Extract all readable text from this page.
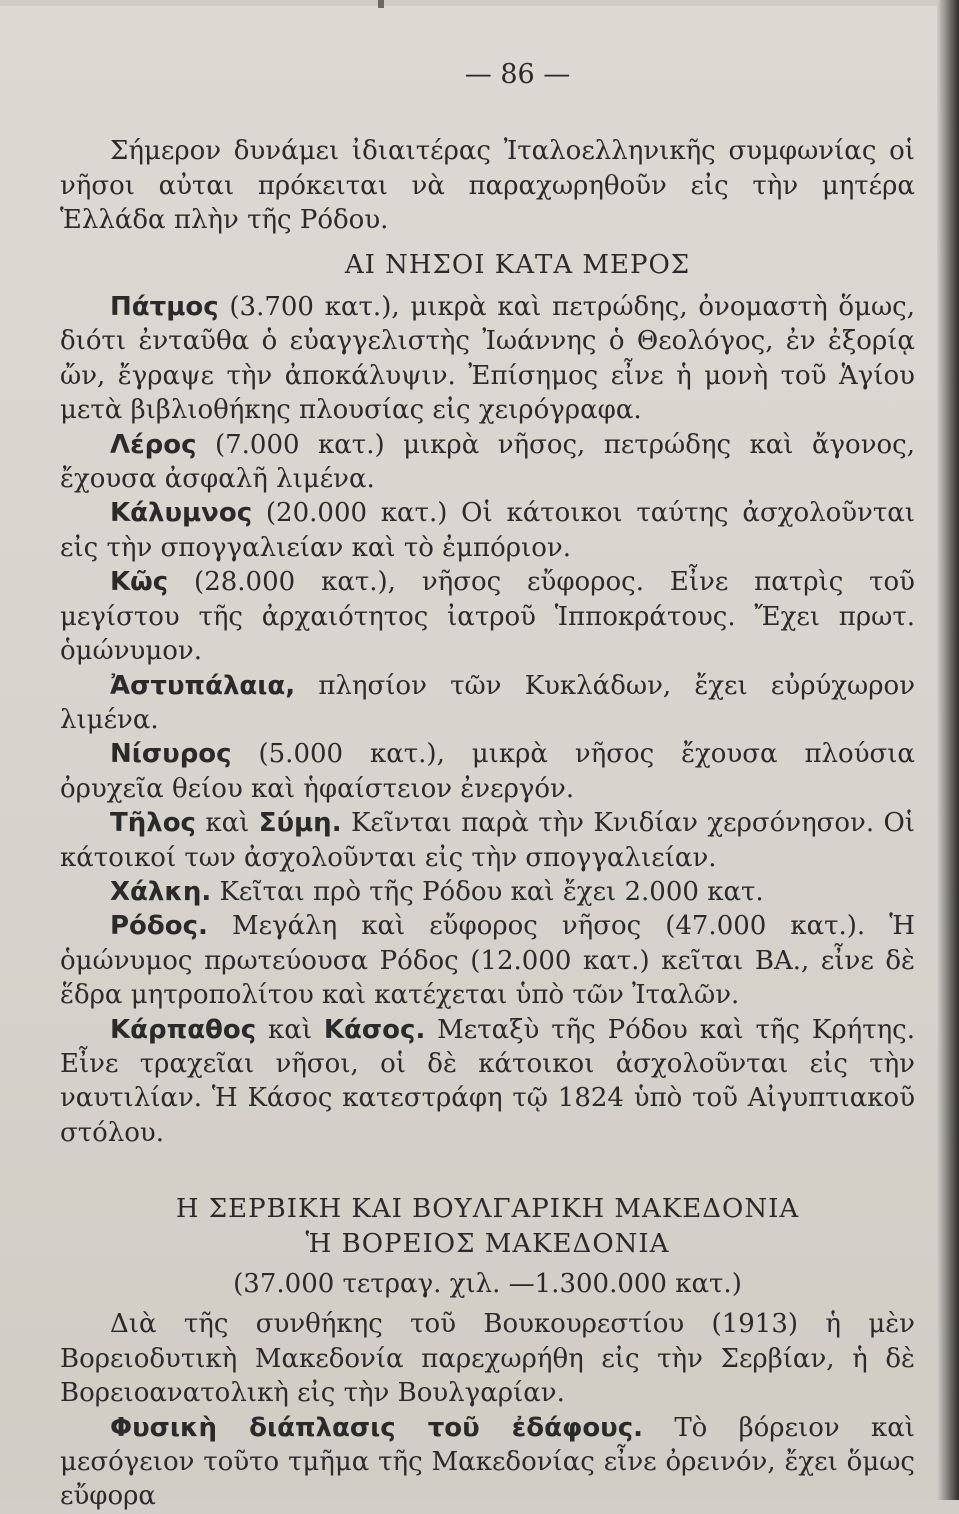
— 86 —

Σήμερον δυνάμει ἰδιαιτέρας Ἰταλοελληνικῆς συμφωνίας οἱ νῆσοι αὐται πρόκειται νὰ παραχωρηθοῦν εἰς τὴν μητέρα Ἑλλάδα πλὴν τῆς Ρόδου.

ΑΙ ΝΗΣΟΙ ΚΑΤΑ ΜΕΡΟΣ

Πάτμος (3.700 κατ.), μικρὰ καὶ πετρώδης, ὀνομαστὴ ὅμως, διότι ἐνταῦθα ὁ εὐαγγελιστὴς Ἰωάννης ὁ Θεολόγος, ἐν ἐξορίᾳ ὤν, ἔγραψε τὴν ἀποκάλυψιν. Ἐπίσημος εἶνε ἡ μονὴ τοῦ Ἁγίου μετὰ βιβλιοθήκης πλουσίας εἰς χειρόγραφα.

Λέρος (7.000 κατ.) μικρὰ νῆσος, πετρώδης καὶ ἄγονος, ἔχουσα ἀσφαλῆ λιμένα.

Κάλυμνος (20.000 κατ.) Οἱ κάτοικοι ταύτης ἀσχολοῦνται εἰς τὴν σπογγαλιείαν καὶ τὸ ἐμπόριον.

Κῶς (28.000 κατ.), νῆσος εὔφορος. Εἶνε πατρὶς τοῦ μεγίστου τῆς ἀρχαιότητος ἰατροῦ Ἱπποκράτους. Ἔχει πρωτ. ὁμώνυμον.

Ἀστυπάλαια, πλησίον τῶν Κυκλάδων, ἔχει εὐρύχωρον λιμένα.

Νίσυρος (5.000 κατ.), μικρὰ νῆσος ἔχουσα πλούσια ὀρυχεῖα θείου καὶ ἡφαίστειον ἐνεργόν.

Τῆλος καὶ Σύμη. Κεῖνται παρὰ τὴν Κνιδίαν χερσόνησον. Οἱ κάτοικοί των ἀσχολοῦνται εἰς τὴν σπογγαλιείαν.

Χάλκη. Κεῖται πρὸ τῆς Ρόδου καὶ ἔχει 2.000 κατ.

Ρόδος. Μεγάλη καὶ εὔφορος νῆσος (47.000 κατ.). Ἡ ὁμώνυμος πρωτεύουσα Ρόδος (12.000 κατ.) κεῖται ΒΑ., εἶνε δὲ ἕδρα μητροπολίτου καὶ κατέχεται ὑπὸ τῶν Ἰταλῶν.

Κάρπαθος καὶ Κάσος. Μεταξὺ τῆς Ρόδου καὶ τῆς Κρήτης. Εἶνε τραχεῖαι νῆσοι, οἱ δὲ κάτοικοι ἀσχολοῦνται εἰς τὴν ναυτιλίαν. Ἡ Κάσος κατεστράφη τῷ 1824 ὑπὸ τοῦ Αἰγυπτιακοῦ στόλου.

Η ΣΕΡΒΙΚΗ ΚΑΙ ΒΟΥΛΓΑΡΙΚΗ ΜΑΚΕΔΟΝΙΑ
Ἡ ΒΟΡΕΙΟΣ ΜΑΚΕΔΟΝΙΑ
(37.000 τετραγ. χιλ. —1.300.000 κατ.)

Διὰ τῆς συνθήκης τοῦ Βουκουρεστίου (1913) ἡ μὲν Βορειοδυτικὴ Μακεδονία παρεχωρήθη εἰς τὴν Σερβίαν, ἡ δὲ Βορειοανατολικὴ εἰς τὴν Βουλγαρίαν.

Φυσικὴ διάπλασις τοῦ ἐδάφους. Τὸ βόρειον καὶ μεσόγειον τοῦτο τμῆμα τῆς Μακεδονίας εἶνε ὀρεινόν, ἔχει ὅμως εὔφορα
